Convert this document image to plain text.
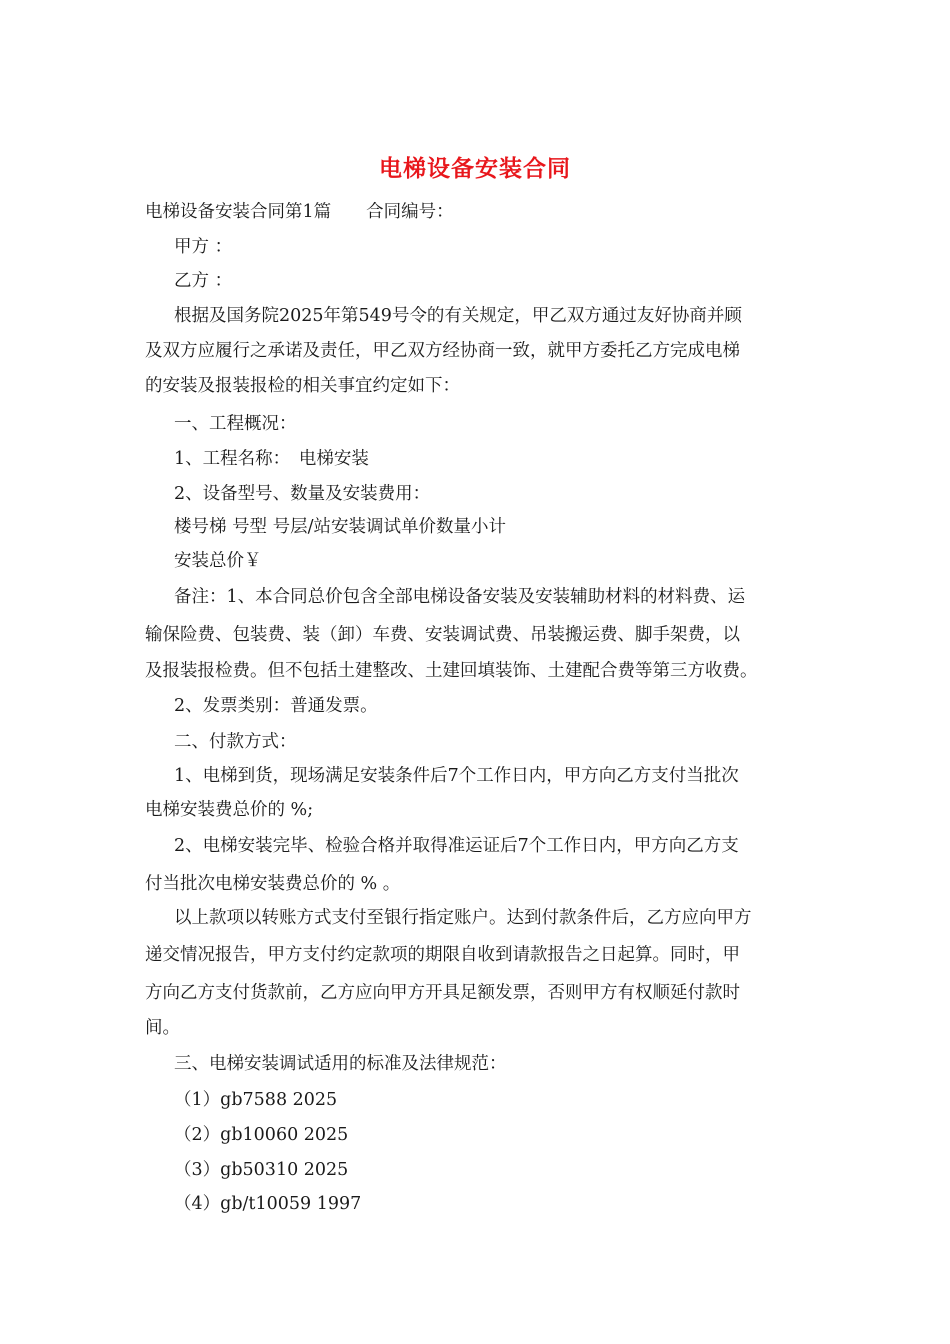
电梯设备安装合同
电梯设备安装合同第1篇　　合同编号：
甲方 ：
乙方 ：
根据及国务院2025年第549号令的有关规定，甲乙双方通过友好协商并顾
及双方应履行之承诺及责任，甲乙双方经协商一致，就甲方委托乙方完成电梯
的安装及报装报检的相关事宜约定如下：
一、工程概况：
1、工程名称：　电梯安装
2、设备型号、数量及安装费用：
楼号梯 号型 号层/站安装调试单价数量小计
安装总价￥
备注：1、本合同总价包含全部电梯设备安装及安装辅助材料的材料费、运
输保险费、包装费、装（卸）车费、安装调试费、吊装搬运费、脚手架费，以
及报装报检费。但不包括土建整改、土建回填装饰、土建配合费等第三方收费。
2、发票类别：普通发票。
二、付款方式：
1、电梯到货，现场满足安装条件后7个工作日内，甲方向乙方支付当批次
电梯安装费总价的 %;
2、电梯安装完毕、检验合格并取得准运证后7个工作日内，甲方向乙方支
付当批次电梯安装费总价的 % 。
以上款项以转账方式支付至银行指定账户。达到付款条件后，乙方应向甲方
递交情况报告，甲方支付约定款项的期限自收到请款报告之日起算。同时，甲
方向乙方支付货款前，乙方应向甲方开具足额发票，否则甲方有权顺延付款时
间。
三、电梯安装调试适用的标准及法律规范：
（1）gb7588 2025
（2）gb10060 2025
（3）gb50310 2025
（4）gb/t10059 1997
